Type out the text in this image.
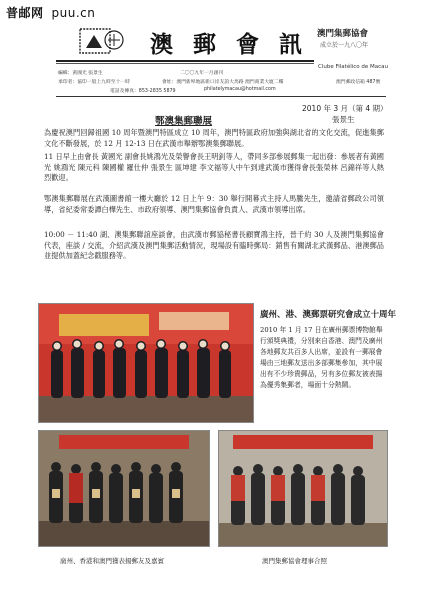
普邮网 puu.cn
澳 郵 會 訊 澳門集郵協會
成立於一九八〇年
Clube Filatélico de Macau
編輯：黃國光 張景生	二〇〇九年一月創刊
承印者：協印一般上九時至十一時	會址：澳門新埠地區新口岸友誼大馬路 澳門商業大廈二樓	澳門郵政信箱 487號
電話及傳真：853-2835 5879	philatelymacau@hotmail.com
2010 年 3 月（第 4 期）
鄂澳集郵聯展	張景生
為慶祝澳門回歸祖國 10 周年暨澳門特區成立 10 周年，澳門特區政府加強與湖北省的文化交流，促進集郵文化不斷發展，於 12 月 12-13 日在武漢市舉辦鄂澳集郵聯展。
11 日早上由會長 黃國光 副會長姚鴻光及榮譽會長王明釗等人，帶同多部參展郵集一起出發：參展者有黃國光 姚鴻光 陳元科 陳國權 羅仕仲 張景生 區坤建 李文福等人中午到達武漢市獲得會長張榮林 呂錦祥等人熱烈歡迎。
鄂澳集郵聯展在武漢圖書館一樓大廳於 12 日上午 9：30 舉行開幕式主持人馬騰先生，邀請省郵政公司領導，省紀委常委譚白樺先生、市政府領導、澳門集郵協會負責人、武漢市領導出席。
10:00 － 11:40 湖、澳集郵聯誼座談會，由武漢市郵協秘書長顧寶鴻主持，晉千約 30 人及澳門集郵協會代表，座談 / 交流，介紹武漢及澳門集郵活動情況，現場設有臨時郵局：銷售有關湖北武漢郵品、港澳郵品並提供加蓋紀念戳服務等。
廣州、港、澳郵票研究會成立十周年
2010 年 1 月 17 日在廣州郵票博物館舉行頒獎典禮，分別來自香港、澳門及廣州各地郵友共百多人出席，並設有一郵展會場由三地郵友送出多部郵集參加，其中展出有不少珍貴郵品，另有多位郵友被表揚為優秀集郵者，場面十分熱鬧。
廣州、香港和澳門獲表揚郵友及嘉賓	澳門集郵協會理事合照
